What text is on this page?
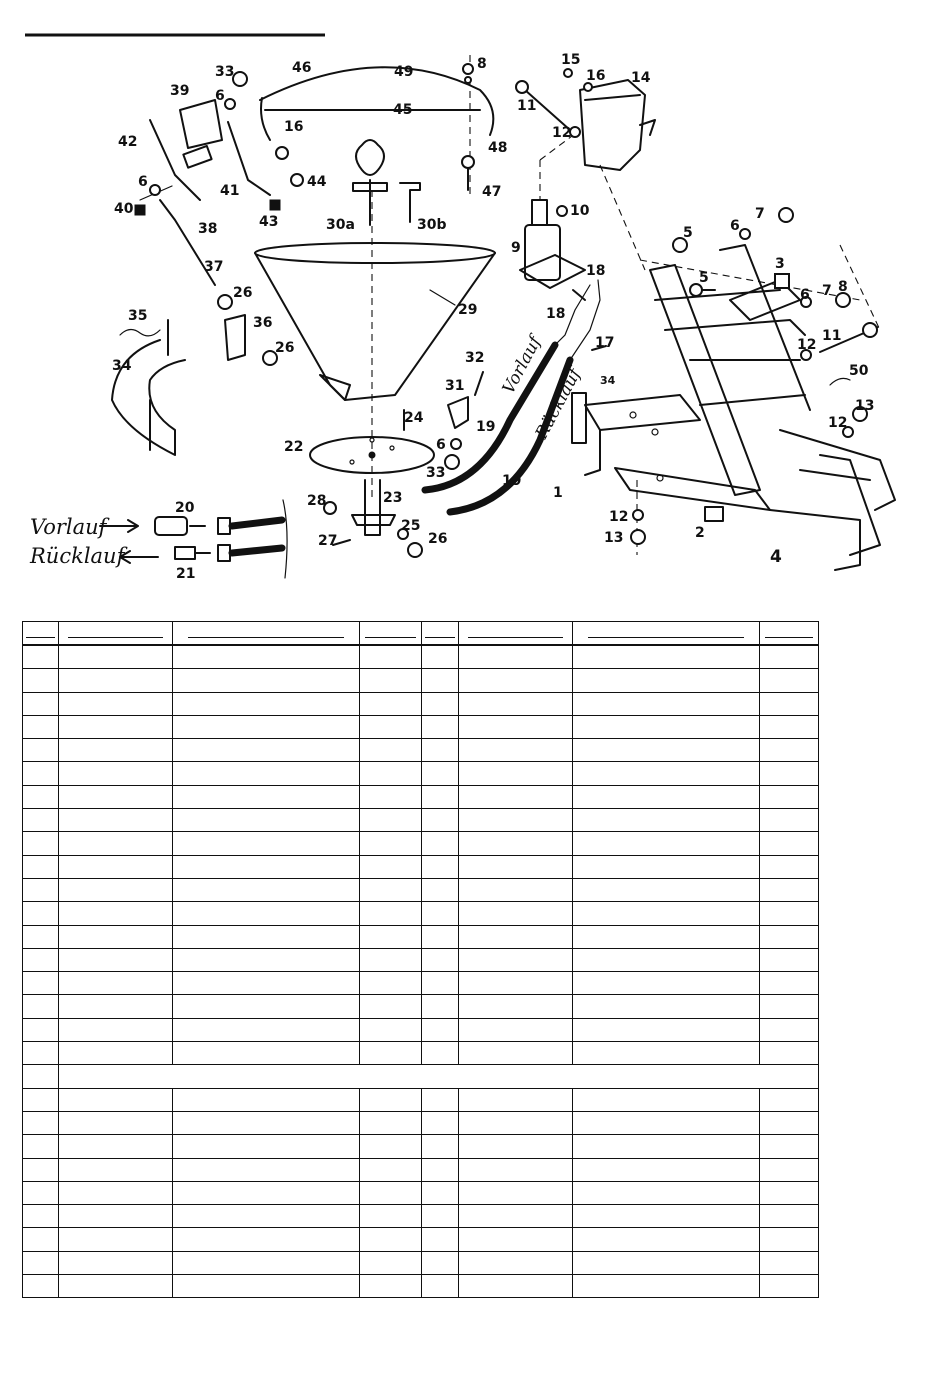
1
2
3
4
5
5
6
6
6
6
6
7
7
8
8
9
10
11
11
12
12
12
12
13
13
14
15
16
16
17
18
18
19
19
20
21
22
23
24
25
26
26
26
27
28
29
30a	30b
31
32
33
33
34
34
35	36
37
38
39
40
41
42
43
44
45
46
47
48
49
50
Vorlauf
Rücklauf
Vorlauf
Rücklauf
